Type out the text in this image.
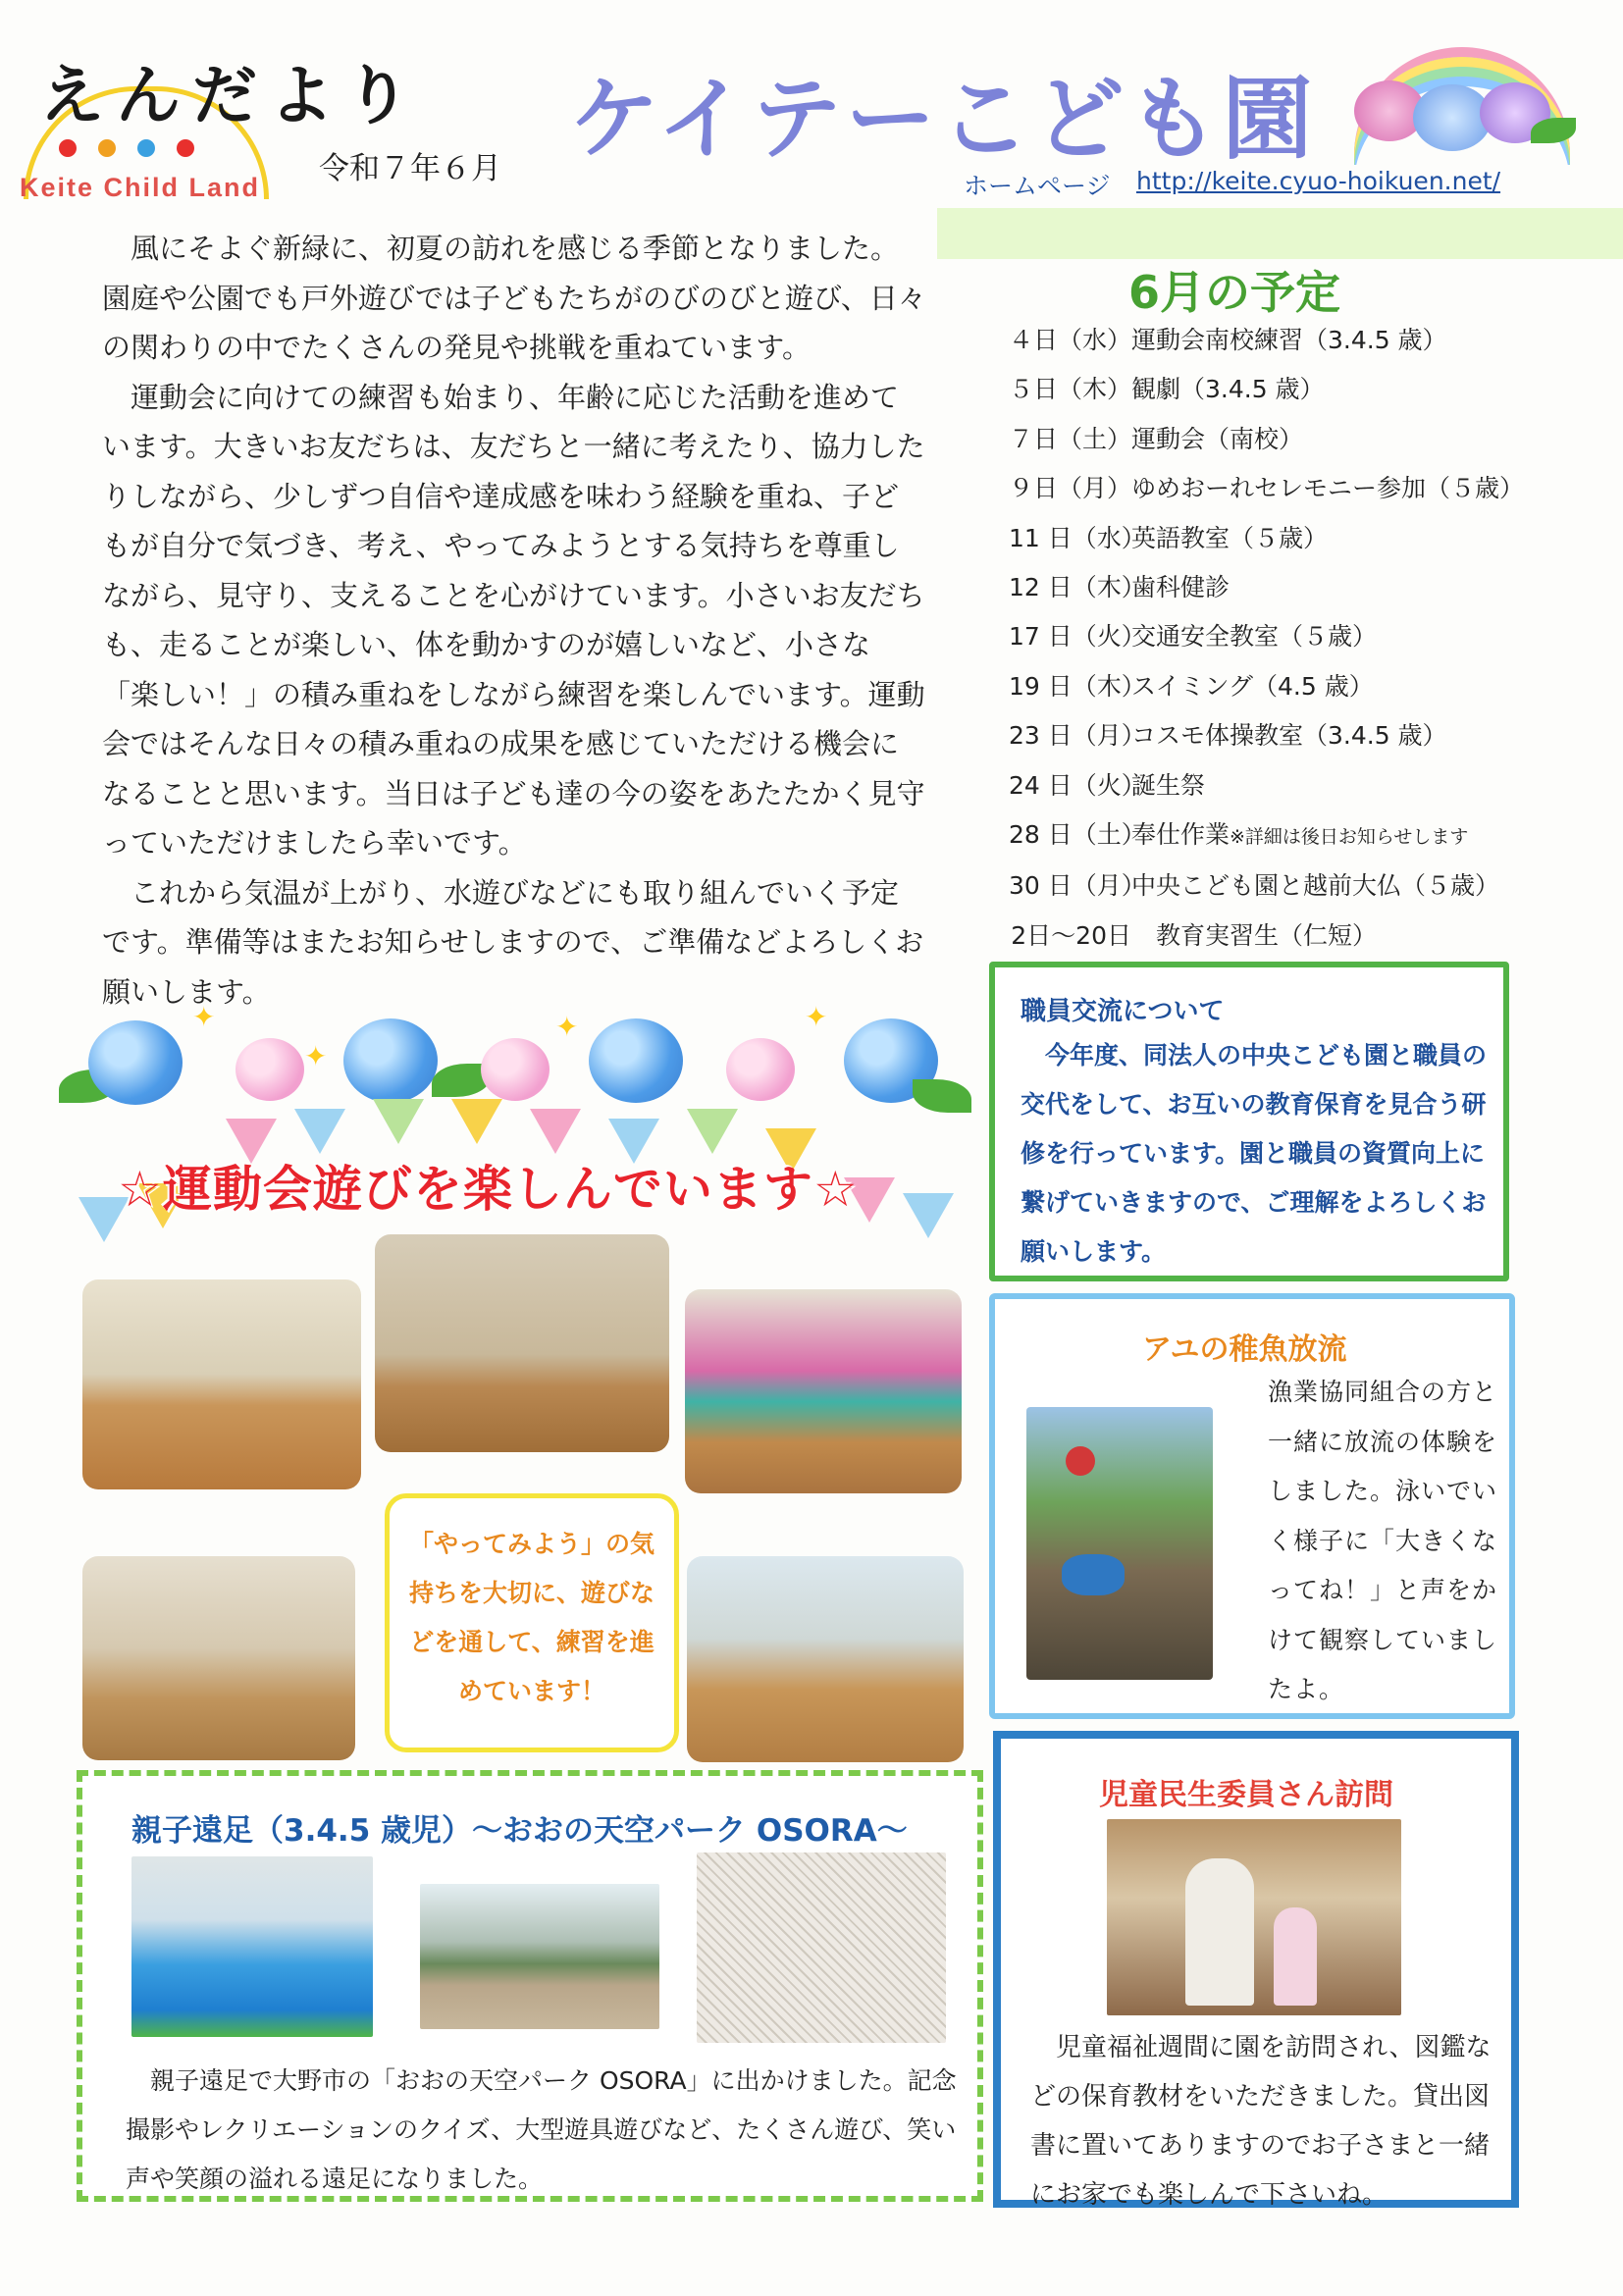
えんだより
Keite Child Land
令和７年６月 ケイテーこども園
ホームページ http://keite.cyuo-hoikuen.net/

風にそよぐ新緑に、初夏の訪れを感じる季節となりました。園庭や公園でも戸外遊びでは子どもたちがのびのびと遊び、日々の関わりの中でたくさんの発見や挑戦を重ねています。

運動会に向けての練習も始まり、年齢に応じた活動を進めています。大きいお友だちは、友だちと一緒に考えたり、協力したりしながら、少しずつ自信や達成感を味わう経験を重ね、子どもが自分で気づき、考え、やってみようとする気持ちを尊重しながら、見守り、支えることを心がけています。小さいお友だちも、走ることが楽しい、体を動かすのが嬉しいなど、小さな「楽しい！」の積み重ねをしながら練習を楽しんでいます。運動会ではそんな日々の積み重ねの成果を感じていただける機会になることと思います。当日は子ども達の今の姿をあたたかく見守っていただけましたら幸いです。

これから気温が上がり、水遊びなどにも取り組んでいく予定です。準備等はまたお知らせしますので、ご準備などよろしくお願いします。

6月の予定
４日（水）運動会南校練習（3.4.5 歳）
５日（木）観劇（3.4.5 歳）
７日（土）運動会（南校）
９日（月）ゆめおーれセレモニー参加（５歳）
11 日（水）英語教室（５歳）
12 日（木）歯科健診
17 日（火）交通安全教室（５歳）
19 日（木）スイミング（4.5 歳）
23 日（月）コスモ体操教室（3.4.5 歳）
24 日（火）誕生祭
28 日（土）奉仕作業※詳細は後日お知らせします
30 日（月）中央こども園と越前大仏（５歳）
2日～20日　教育実習生（仁短）
職員交流について
今年度、同法人の中央こども園と職員の交代をして、お互いの教育保育を見合う研修を行っています。園と職員の資質向上に繋げていきますので、ご理解をよろしくお願いします。
アユの稚魚放流
漁業協同組合の方と一緒に放流の体験をしました。泳いでいく様子に「大きくなってね！」と声をかけて観察していましたよ。
児童民生委員さん訪問

児童福祉週間に園を訪問され、図鑑などの保育教材をいただきました。貸出図書に置いてありますのでお子さまと一緒にお家でも楽しんで下さいね。

✦
✦
✦	✦
☆運動会遊びを楽しんでいます☆
「やってみよう」の気持ちを大切に、遊びなどを通して、練習を進めています！
親子遠足（3.4.5 歳児）～おおの天空パーク OSORA～

親子遠足で大野市の「おおの天空パーク OSORA」に出かけました。記念撮影やレクリエーションのクイズ、大型遊具遊びなど、たくさん遊び、笑い声や笑顔の溢れる遠足になりました。
